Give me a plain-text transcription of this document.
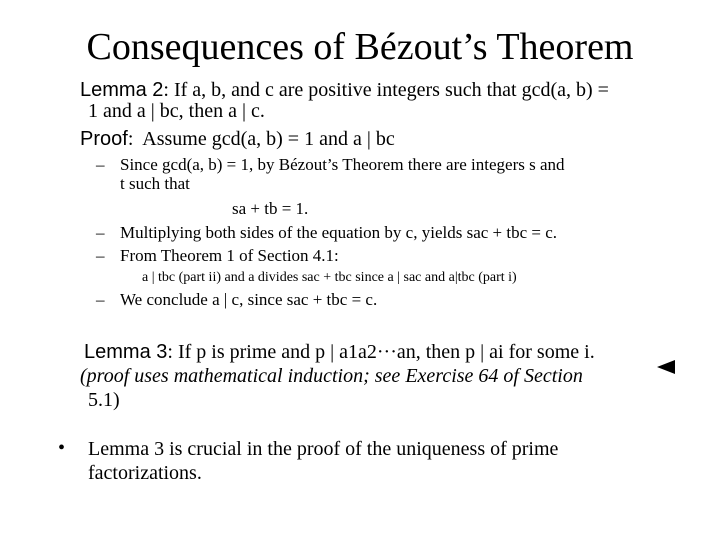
Consequences of Bézout’s Theorem
Lemma 2: If a, b, and c are positive integers such that gcd(a, b) =
1 and a | bc, then a | c.
Proof:  Assume gcd(a, b) = 1 and a | bc
– Since gcd(a, b) = 1, by Bézout’s Theorem there are integers s and
t such that
sa + tb = 1.
– Multiplying both sides of the equation by c, yields sac + tbc = c.
– From Theorem 1 of Section 4.1:
a | tbc (part ii) and a divides sac + tbc since a | sac and a|tbc (part i)
– We conclude a | c, since sac + tbc = c.
Lemma 3: If p is prime and p | a1a2···an, then p | ai for some i.
(proof uses mathematical induction; see Exercise 64 of Section
5.1)
• Lemma 3 is crucial in the proof of the uniqueness of prime factorizations.
